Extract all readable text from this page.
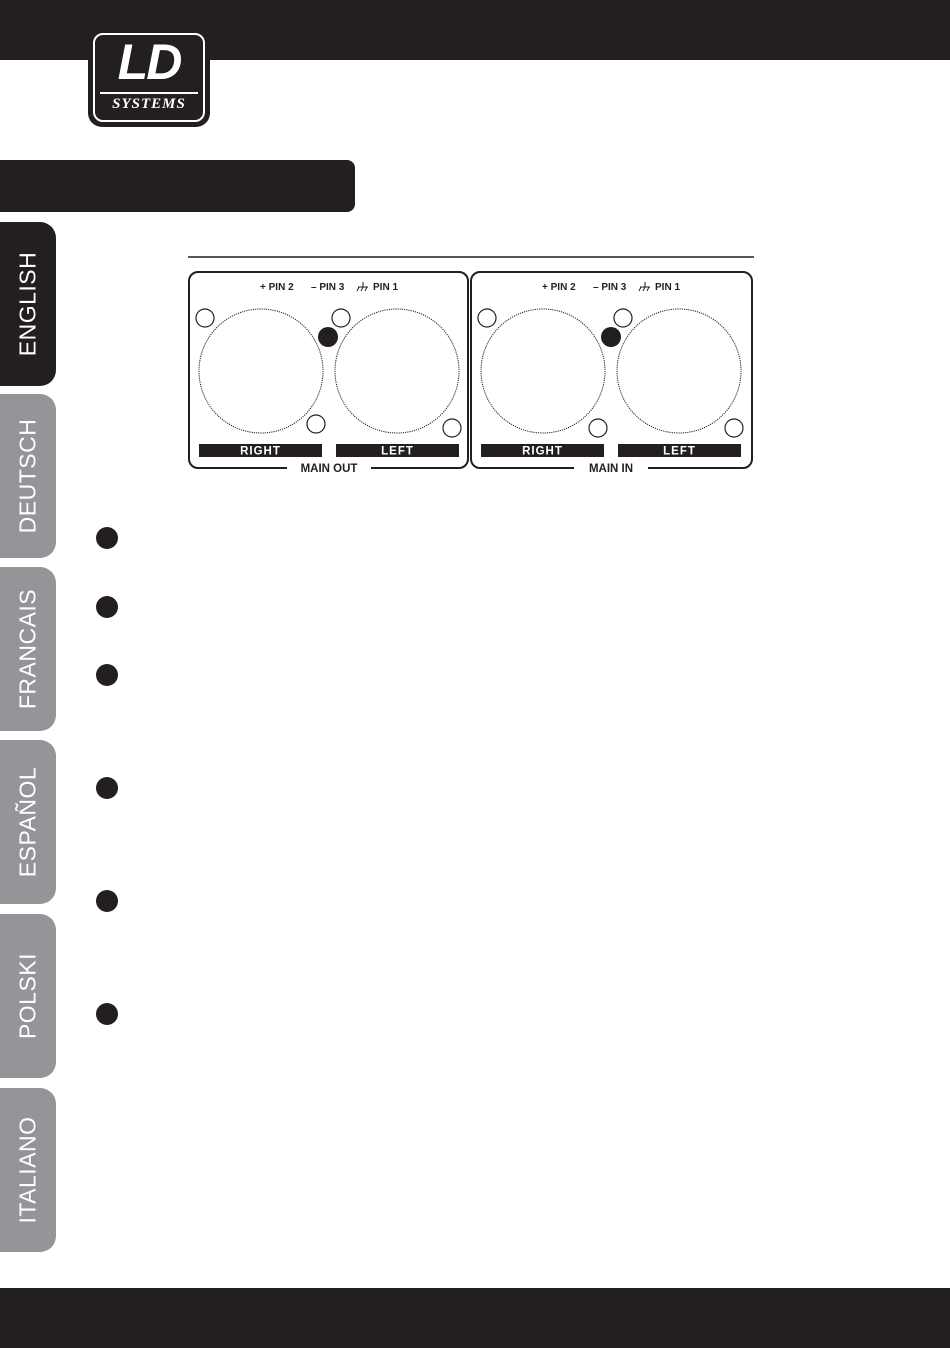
LD
SYSTEMS
ENGLISH
DEUTSCH
FRANCAIS
ESPAÑOL
POLSKI
ITALIANO
+ PIN 2 – PIN 3	PIN 1
RIGHT	LEFT
MAIN OUT
+ PIN 2 – PIN 3	PIN 1
RIGHT	LEFT
MAIN IN
